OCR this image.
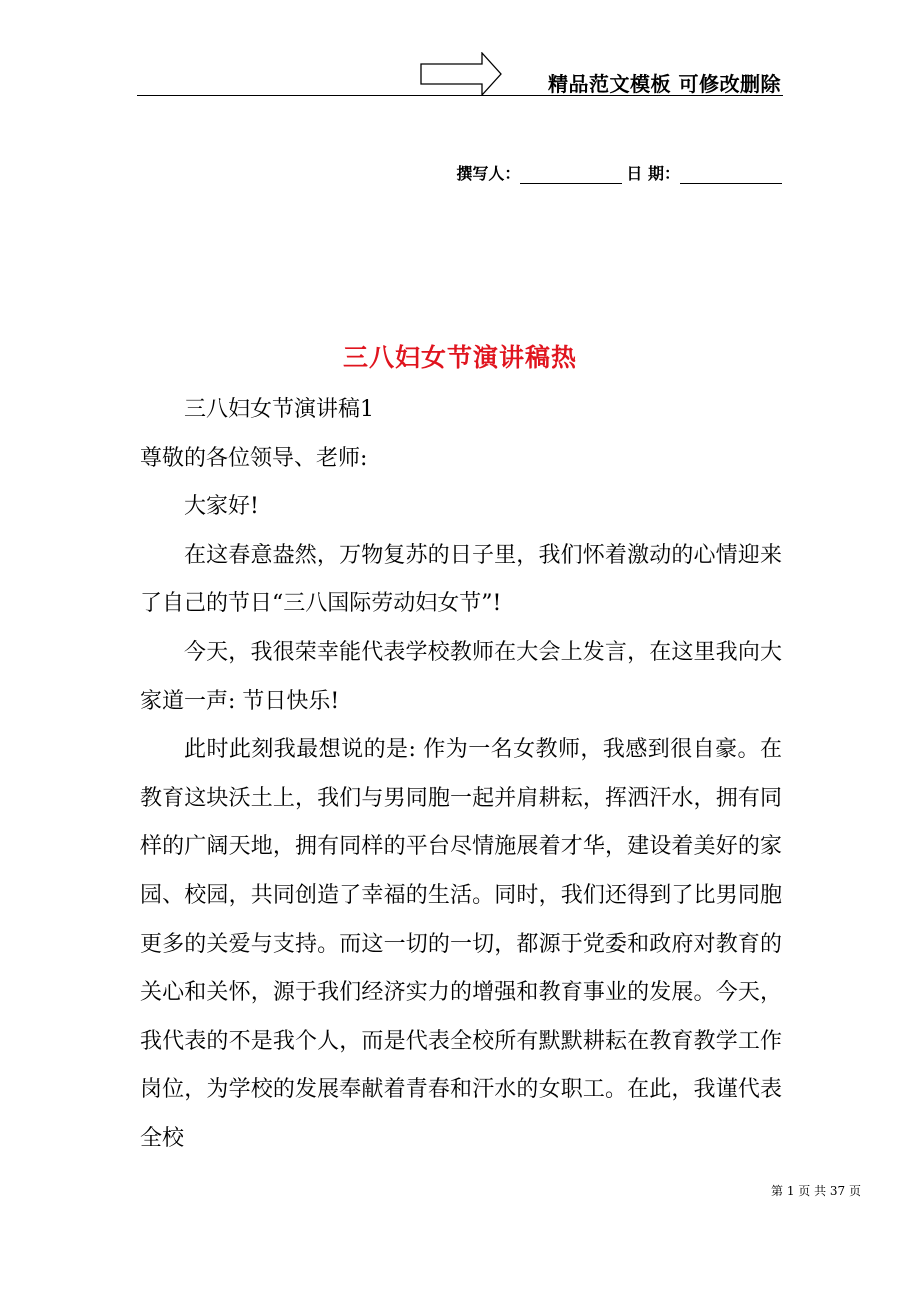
精品范文模板 可修改删除
撰写人：	日 期：
三八妇女节演讲稿热

三八妇女节演讲稿1

尊敬的各位领导、老师:

大家好!

在这春意盎然，万物复苏的日子里，我们怀着激动的心情迎来了自己的节日“三八国际劳动妇女节”!

今天，我很荣幸能代表学校教师在大会上发言，在这里我向大家道一声: 节日快乐!

此时此刻我最想说的是: 作为一名女教师，我感到很自豪。在教育这块沃土上，我们与男同胞一起并肩耕耘，挥洒汗水，拥有同样的广阔天地，拥有同样的平台尽情施展着才华，建设着美好的家园、校园，共同创造了幸福的生活。同时，我们还得到了比男同胞更多的关爱与支持。而这一切的一切，都源于党委和政府对教育的关心和关怀，源于我们经济实力的增强和教育事业的发展。今天，我代表的不是我个人，而是代表全校所有默默耕耘在教育教学工作岗位，为学校的发展奉献着青春和汗水的女职工。在此，我谨代表全校

第 1 页 共 37 页
